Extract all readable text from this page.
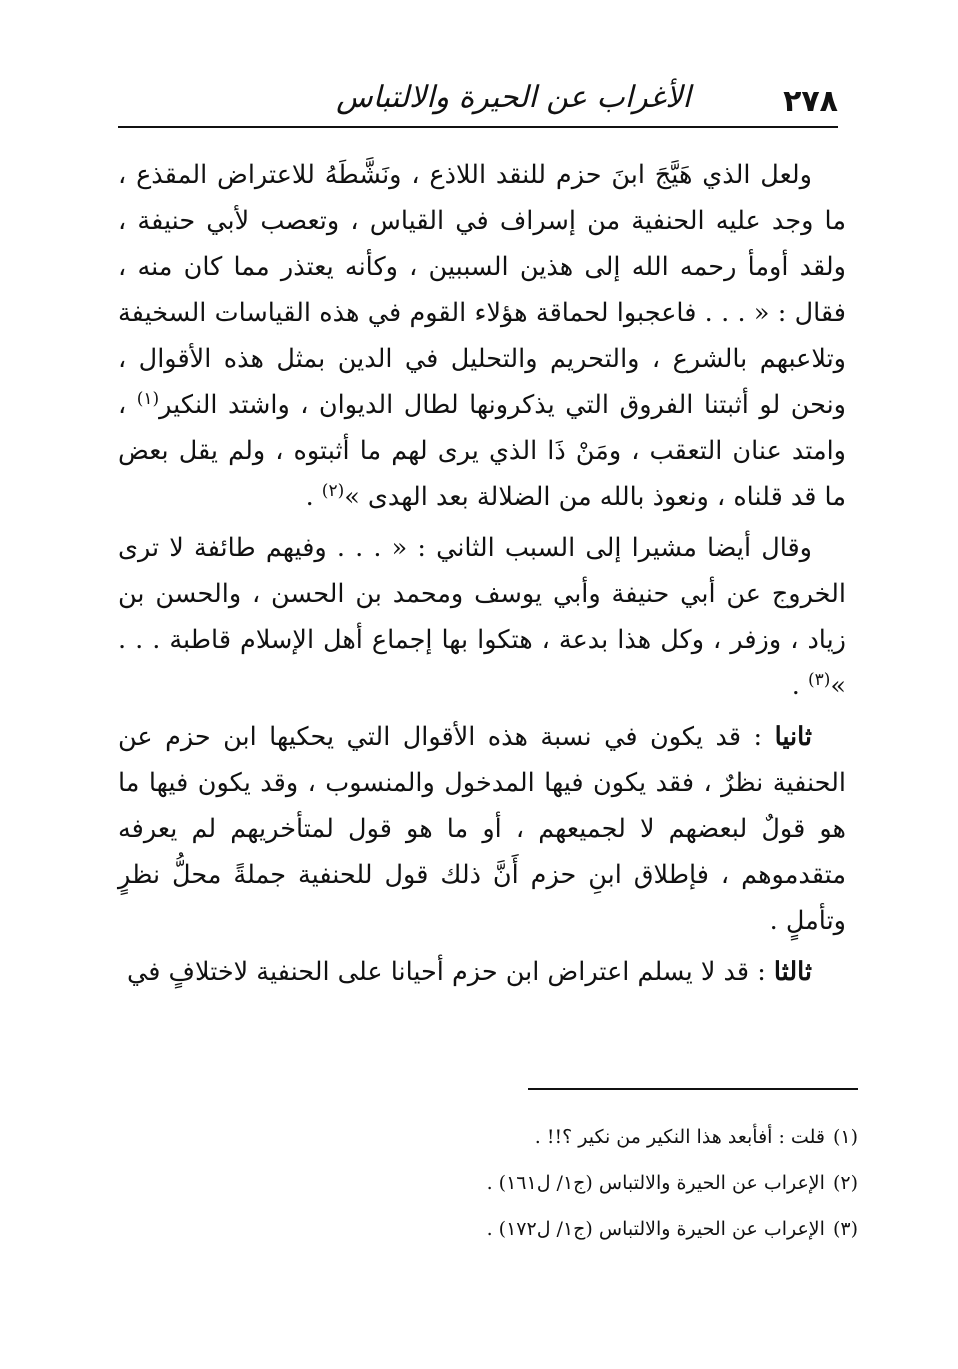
٢٧٨
الأغراب عن الحيرة والالتباس

ولعل الذي هَيَّجَ ابنَ حزم للنقد اللاذع ، ونَشَّطَهُ للاعتراض المقذع ، ما وجد عليه الحنفية من إسراف في القياس ، وتعصب لأبي حنيفة ، ولقد أومأ رحمه الله إلى هذين السببين ، وكأنه يعتذر مما كان منه ، فقال : « . . . فاعجبوا لحماقة هؤلاء القوم في هذه القياسات السخيفة وتلاعبهم بالشرع ، والتحريم والتحليل في الدين بمثل هذه الأقوال ، ونحن لو أثبتنا الفروق التي يذكرونها لطال الديوان ، واشتد النكير$^{(١)}$ ، وامتد عنان التعقب ، ومَنْ ذَا الذي يرى لهم ما أثبتوه ، ولم يقل بعض ما قد قلناه ، ونعوذ بالله من الضلالة بعد الهدى »$^{(٢)}$ .

وقال أيضا مشيرا إلى السبب الثاني : « . . . وفيهم طائفة لا ترى الخروج عن أبي حنيفة وأبي يوسف ومحمد بن الحسن ، والحسن بن زياد ، وزفر ، وكل هذا بدعة ، هتكوا بها إجماع أهل الإسلام قاطبة . . . »$^{(٣)}$ .

ثانيا : قد يكون في نسبة هذه الأقوال التي يحكيها ابن حزم عن الحنفية نظرٌ ، فقد يكون فيها المدخول والمنسوب ، وقد يكون فيها ما هو قولٌ لبعضهم لا لجميعهم ، أو ما هو قول لمتأخريهم لم يعرفه متقدموهم ، فإطلاق ابنِ حزم أَنَّ ذلك قول للحنفية جملةً محلُّ نظرٍ وتأملٍ .

ثالثا : قد لا يسلم اعتراض ابن حزم أحيانا على الحنفية لاختلافٍ في

(١)قلت : أفأبعد هذا النكير من نكير ؟!! .
(٢)الإعراب عن الحيرة والالتباس (ج١/ ل١٦١) .
(٣)الإعراب عن الحيرة والالتباس (ج١/ ل١٧٢) .
